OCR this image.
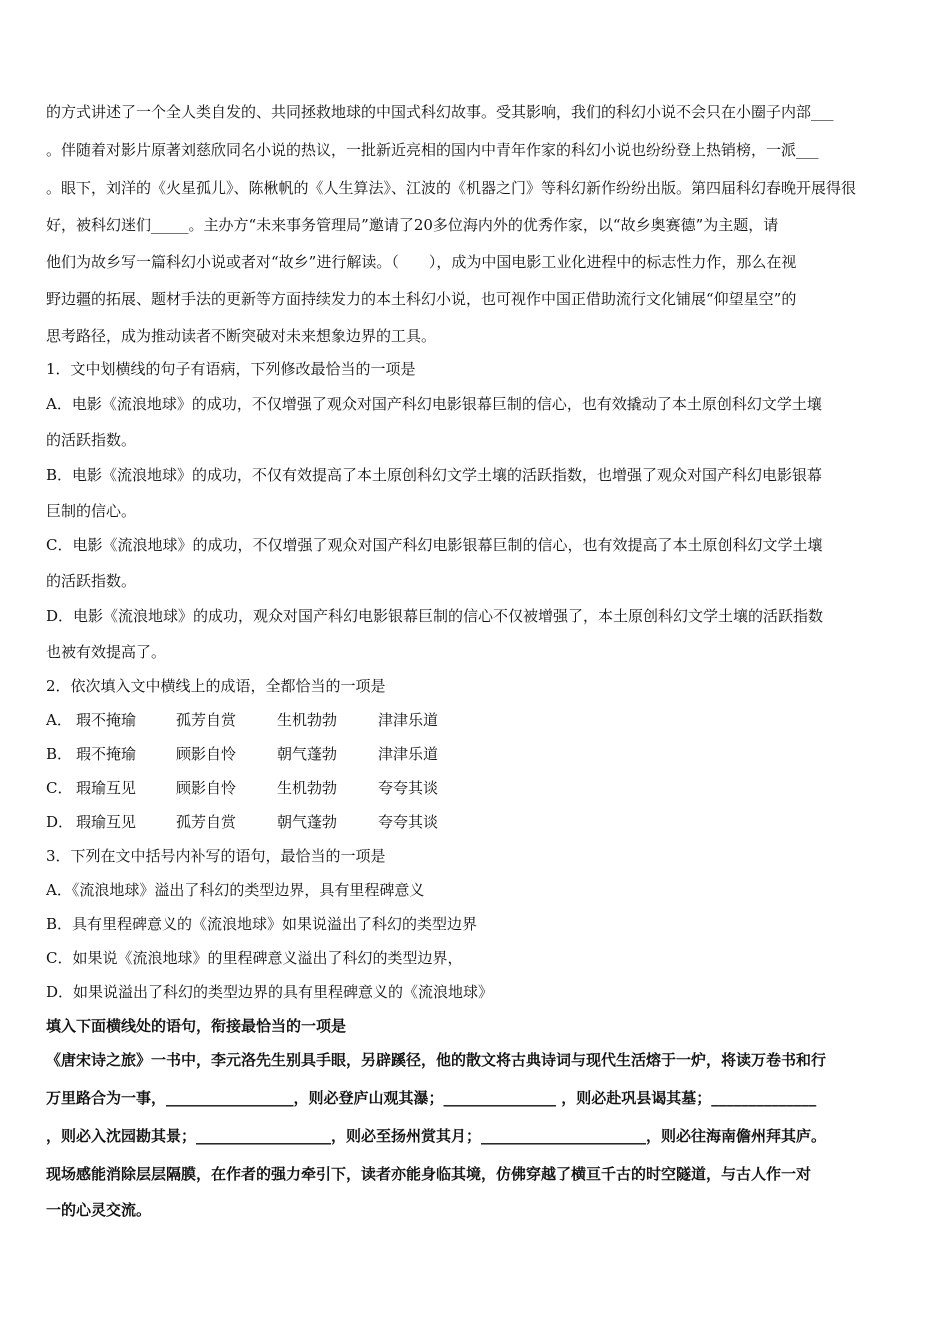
的方式讲述了一个全人类自发的、共同拯救地球的中国式科幻故事。受其影响，我们的科幻小说不会只在小圈子内部___
。伴随着对影片原著刘慈欣同名小说的热议，一批新近亮相的国内中青年作家的科幻小说也纷纷登上热销榜，一派___
。眼下，刘洋的《火星孤儿》、陈楸帆的《人生算法》、江波的《机器之门》等科幻新作纷纷出版。第四届科幻春晚开展得很
好，被科幻迷们_____。主办方“未来事务管理局”邀请了20多位海内外的优秀作家，以“故乡奥赛德”为主题，请
他们为故乡写一篇科幻小说或者对“故乡”进行解读。（　　），成为中国电影工业化进程中的标志性力作，那么在视
野边疆的拓展、题材手法的更新等方面持续发力的本土科幻小说，也可视作中国正借助流行文化铺展“仰望星空”的
思考路径，成为推动读者不断突破对未来想象边界的工具。
1．文中划横线的句子有语病，下列修改最恰当的一项是
A．电影《流浪地球》的成功，不仅增强了观众对国产科幻电影银幕巨制的信心，也有效撬动了本土原创科幻文学土壤
的活跃指数。
B．电影《流浪地球》的成功，不仅有效提高了本土原创科幻文学土壤的活跃指数，也增强了观众对国产科幻电影银幕
巨制的信心。
C．电影《流浪地球》的成功，不仅增强了观众对国产科幻电影银幕巨制的信心，也有效提高了本土原创科幻文学土壤
的活跃指数。
D．电影《流浪地球》的成功，观众对国产科幻电影银幕巨制的信心不仅被增强了，本土原创科幻文学土壤的活跃指数
也被有效提高了。
2．依次填入文中横线上的成语，全都恰当的一项是
A． 瑕不掩瑜	孤芳自赏	生机勃勃	津津乐道
B． 瑕不掩瑜	顾影自怜	朝气蓬勃	津津乐道
C． 瑕瑜互见	顾影自怜	生机勃勃	夸夸其谈
D． 瑕瑜互见	孤芳自赏	朝气蓬勃	夸夸其谈
3．下列在文中括号内补写的语句，最恰当的一项是
A．《流浪地球》溢出了科幻的类型边界，具有里程碑意义
B．具有里程碑意义的《流浪地球》如果说溢出了科幻的类型边界
C．如果说《流浪地球》的里程碑意义溢出了科幻的类型边界，
D．如果说溢出了科幻的类型边界的具有里程碑意义的《流浪地球》
填入下面横线处的语句，衔接最恰当的一项是
《唐宋诗之旅》一书中，李元洛先生别具手眼，另辟蹊径，他的散文将古典诗词与现代生活熔于一炉，将读万卷书和行
万里路合为一事，_________________，则必登庐山观其瀑；_______________ ，则必赴巩县谒其墓；______________
，则必入沈园勘其景；__________________，则必至扬州赏其月；______________________，则必往海南儋州拜其庐。
现场感能消除层层隔膜，在作者的强力牵引下，读者亦能身临其境，仿佛穿越了横亘千古的时空隧道，与古人作一对
一的心灵交流。
